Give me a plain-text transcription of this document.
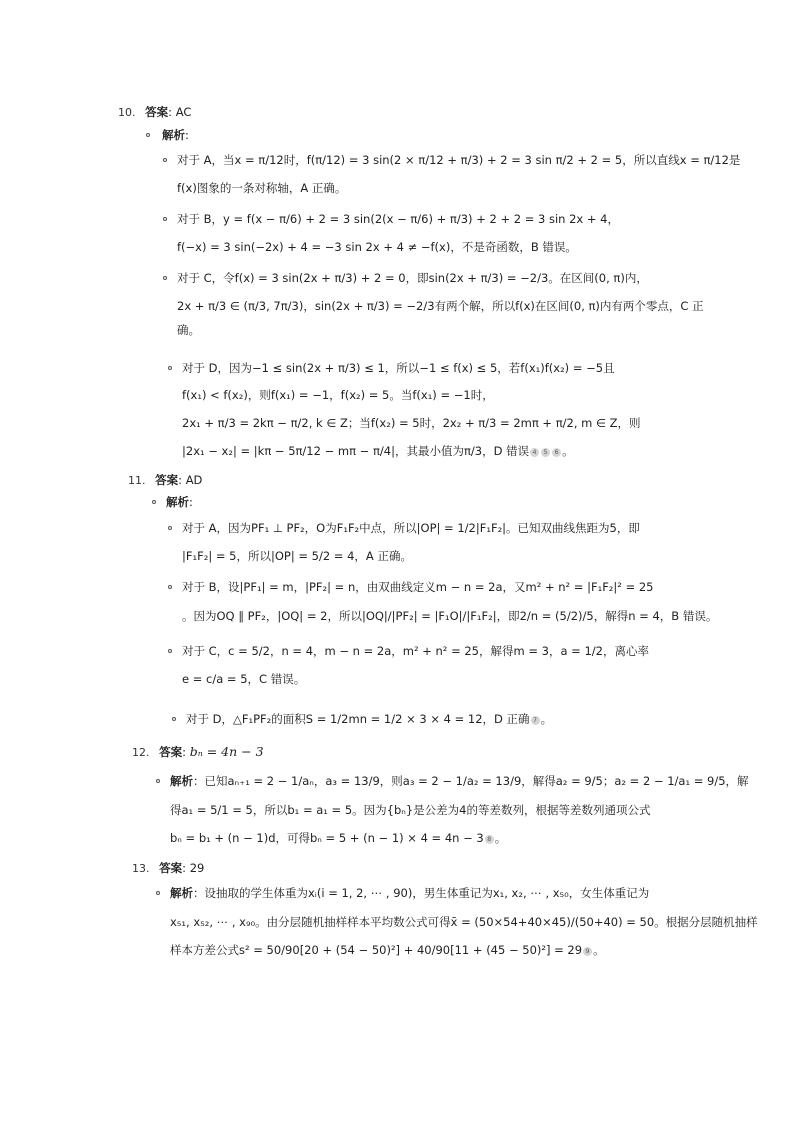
10. 答案: AC
解析:
对于 A，当x = π/12时，f(π/12) = 3 sin(2 × π/12 + π/3) + 2 = 3 sin π/2 + 2 = 5，所以直线x = π/12是
f(x)图象的一条对称轴，A 正确。
对于 B，y = f(x − π/6) + 2 = 3 sin(2(x − π/6) + π/3) + 2 + 2 = 3 sin 2x + 4，
f(−x) = 3 sin(−2x) + 4 = −3 sin 2x + 4 ≠ −f(x)，不是奇函数，B 错误。
对于 C，令f(x) = 3 sin(2x + π/3) + 2 = 0，即sin(2x + π/3) = −2/3。在区间(0, π)内，
2x + π/3 ∈ (π/3, 7π/3)，sin(2x + π/3) = −2/3有两个解，所以f(x)在区间(0, π)内有两个零点，C 正
确。
对于 D，因为−1 ≤ sin(2x + π/3) ≤ 1，所以−1 ≤ f(x) ≤ 5，若f(x₁)f(x₂) = −5且
f(x₁) < f(x₂)，则f(x₁) = −1，f(x₂) = 5。当f(x₁) = −1时，
2x₁ + π/3 = 2kπ − π/2, k ∈ Z；当f(x₂) = 5时，2x₂ + π/3 = 2mπ + π/2, m ∈ Z，则
|2x₁ − x₂| = |kπ − 5π/12 − mπ − π/4|，其最小值为π/3，D 错误 4 5 6 。
11. 答案: AD
解析:
对于 A，因为PF₁ ⊥ PF₂，O为F₁F₂中点，所以|OP| = 1/2|F₁F₂|。已知双曲线焦距为5，即
|F₁F₂| = 5，所以|OP| = 5/2 = 4，A 正确。
对于 B，设|PF₁| = m，|PF₂| = n，由双曲线定义m − n = 2a，又m² + n² = |F₁F₂|² = 25
。因为OQ ∥ PF₂，|OQ| = 2，所以|OQ|/|PF₂| = |F₁O|/|F₁F₂|，即2/n = (5/2)/5，解得n = 4，B 错误。
对于 C，c = 5/2，n = 4，m − n = 2a，m² + n² = 25，解得m = 3，a = 1/2，离心率
e = c/a = 5，C 错误。
对于 D，△F₁PF₂的面积S = 1/2mn = 1/2 × 3 × 4 = 12，D 正确 7 。
12. 答案: bₙ = 4n − 3
解析：已知aₙ₊₁ = 2 − 1/aₙ，a₃ = 13/9，则a₃ = 2 − 1/a₂ = 13/9，解得a₂ = 9/5；a₂ = 2 − 1/a₁ = 9/5，解
得a₁ = 5/1 = 5，所以b₁ = a₁ = 5。因为{bₙ}是公差为4的等差数列，根据等差数列通项公式
bₙ = b₁ + (n − 1)d，可得bₙ = 5 + (n − 1) × 4 = 4n − 3 8 。
13. 答案: 29
解析：设抽取的学生体重为xᵢ(i = 1, 2, ⋯ , 90)，男生体重记为x₁, x₂, ⋯ , x₅₀，女生体重记为
x₅₁, x₅₂, ⋯ , x₉₀。由分层随机抽样样本平均数公式可得x̄ = (50×54+40×45)/(50+40) = 50。根据分层随机抽样
样本方差公式s² = 50/90[20 + (54 − 50)²] + 40/90[11 + (45 − 50)²] = 29 9 。
